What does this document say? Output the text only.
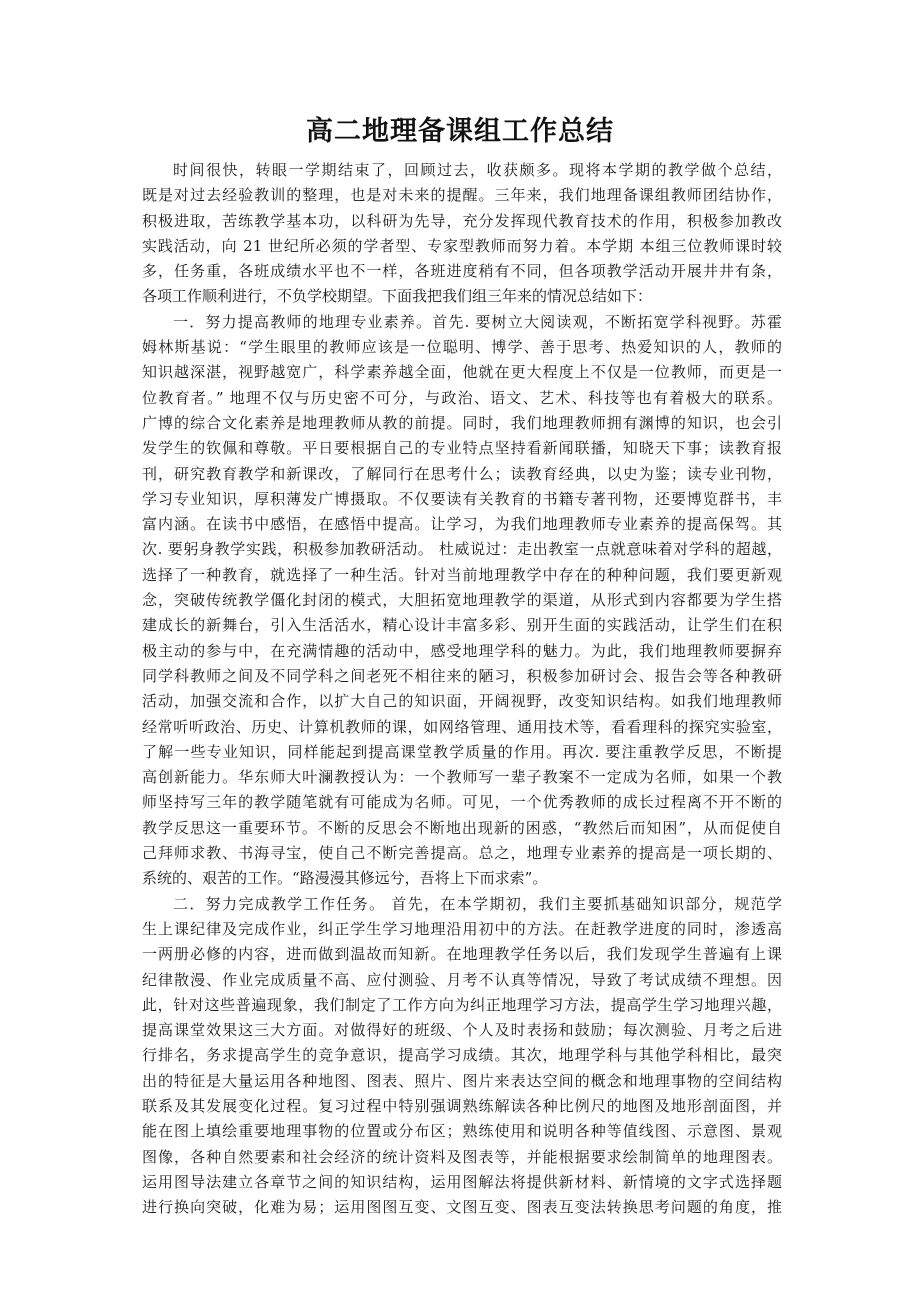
高二地理备课组工作总结
时间很快，转眼一学期结束了，回顾过去，收获颇多。现将本学期的教学做个总结，
既是对过去经验教训的整理，也是对未来的提醒。三年来，我们地理备课组教师团结协作，
积极进取，苦练教学基本功，以科研为先导，充分发挥现代教育技术的作用，积极参加教改
实践活动，向 21 世纪所必须的学者型、专家型教师而努力着。本学期 本组三位教师课时较
多，任务重，各班成绩水平也不一样，各班进度稍有不同，但各项教学活动开展井井有条，
各项工作顺利进行，不负学校期望。下面我把我们组三年来的情况总结如下：
一．努力提高教师的地理专业素养。首先. 要树立大阅读观，不断拓宽学科视野。苏霍
姆林斯基说：“学生眼里的教师应该是一位聪明、博学、善于思考、热爱知识的人，教师的
知识越深湛，视野越宽广，科学素养越全面，他就在更大程度上不仅是一位教师，而更是一
位教育者。” 地理不仅与历史密不可分，与政治、语文、艺术、科技等也有着极大的联系。
广博的综合文化素养是地理教师从教的前提。同时，我们地理教师拥有渊博的知识，也会引
发学生的钦佩和尊敬。平日要根据自己的专业特点坚持看新闻联播，知晓天下事；读教育报
刊，研究教育教学和新课改，了解同行在思考什么；读教育经典，以史为鉴；读专业刊物，
学习专业知识，厚积薄发广博摄取。不仅要读有关教育的书籍专著刊物，还要博览群书，丰
富内涵。在读书中感悟，在感悟中提高。让学习，为我们地理教师专业素养的提高保驾。其
次. 要躬身教学实践，积极参加教研活动。 杜威说过：走出教室一点就意味着对学科的超越，
选择了一种教育，就选择了一种生活。针对当前地理教学中存在的种种问题，我们要更新观
念，突破传统教学僵化封闭的模式，大胆拓宽地理教学的渠道，从形式到内容都要为学生搭
建成长的新舞台，引入生活活水，精心设计丰富多彩、别开生面的实践活动，让学生们在积
极主动的参与中，在充满情趣的活动中，感受地理学科的魅力。为此，我们地理教师要摒弃
同学科教师之间及不同学科之间老死不相往来的陋习，积极参加研讨会、报告会等各种教研
活动，加强交流和合作，以扩大自己的知识面，开阔视野，改变知识结构。如我们地理教师
经常听听政治、历史、计算机教师的课，如网络管理、通用技术等，看看理科的探究实验室，
了解一些专业知识，同样能起到提高课堂教学质量的作用。再次. 要注重教学反思，不断提
高创新能力。华东师大叶澜教授认为：一个教师写一辈子教案不一定成为名师，如果一个教
师坚持写三年的教学随笔就有可能成为名师。可见，一个优秀教师的成长过程离不开不断的
教学反思这一重要环节。不断的反思会不断地出现新的困惑，“教然后而知困”，从而促使自
己拜师求教、书海寻宝，使自己不断完善提高。总之，地理专业素养的提高是一项长期的、
系统的、艰苦的工作。“路漫漫其修远兮，吾将上下而求索”。
二．努力完成教学工作任务。 首先，在本学期初，我们主要抓基础知识部分，规范学
生上课纪律及完成作业，纠正学生学习地理沿用初中的方法。在赶教学进度的同时，渗透高
一两册必修的内容，进而做到温故而知新。在地理教学任务以后，我们发现学生普遍有上课
纪律散漫、作业完成质量不高、应付测验、月考不认真等情况，导致了考试成绩不理想。因
此，针对这些普遍现象，我们制定了工作方向为纠正地理学习方法，提高学生学习地理兴趣，
提高课堂效果这三大方面。对做得好的班级、个人及时表扬和鼓励；每次测验、月考之后进
行排名，务求提高学生的竞争意识，提高学习成绩。其次，地理学科与其他学科相比，最突
出的特征是大量运用各种地图、图表、照片、图片来表达空间的概念和地理事物的空间结构
联系及其发展变化过程。复习过程中特别强调熟练解读各种比例尺的地图及地形剖面图，并
能在图上填绘重要地理事物的位置或分布区；熟练使用和说明各种等值线图、示意图、景观
图像，各种自然要素和社会经济的统计资料及图表等，并能根据要求绘制简单的地理图表。
运用图导法建立各章节之间的知识结构，运用图解法将提供新材料、新情境的文字式选择题
进行换向突破，化难为易；运用图图互变、文图互变、图表互变法转换思考问题的角度，推
